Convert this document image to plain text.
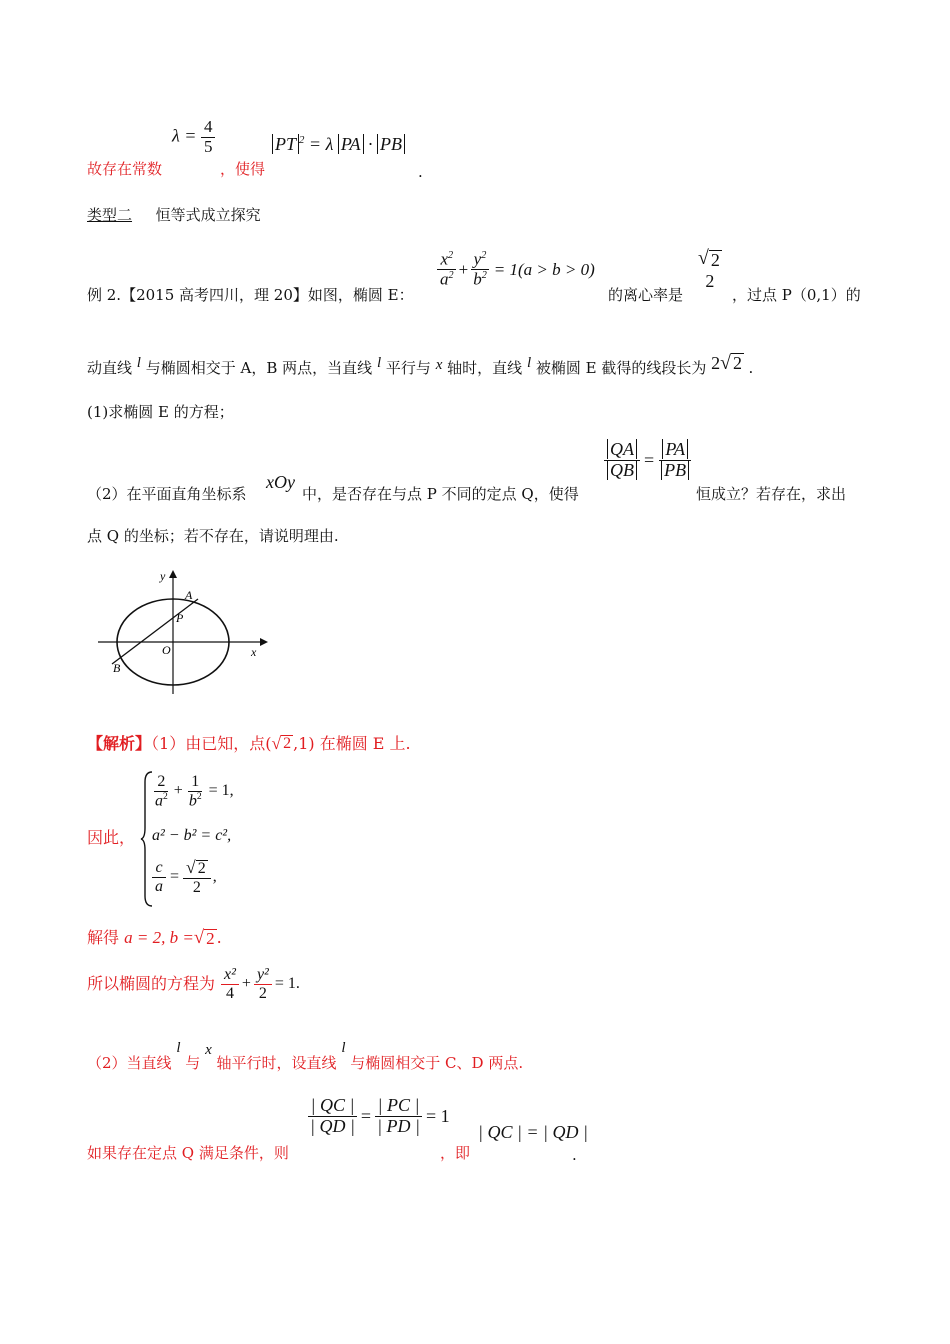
$\lambda = \frac{4}{5}$
故存在常数	，使得
PT $^2$ = λ PA · PB
.
类型二 恒等式成立探究
例 2.【2015 高考四川，理 20】如图，椭圆 E：
$\frac{x^2}{a^2} + \frac{y^2}{b^2} = 1(a > b > 0)$
的离心率是
√ 2
2
，过点 P（0,1）的
动直线 l 与椭圆相交于 A，B 两点，当直线 l 平行与 x 轴时，直线 l 被椭圆 E 截得的线段长为 2 √ 2 .
(1)求椭圆 E 的方程；
（2）在平面直角坐标系
xOy
中，是否存在与点 P 不同的定点 Q，使得
$\frac{QA}{QB} = \frac{PA}{PB}$
恒成立？若存在，求出
点 Q 的坐标；若不存在，请说明理由.
y
x
A
P
O
B
【解析】（1）由已知，点( √ 2 ,1) 在椭圆 E 上.
因此，
$\frac{2}{a^2} + \frac{1}{b^2} = 1$,
a² − b² = c²,
$\frac{c}{a} = \frac{√ 2}{2}$ ,
解得 a = 2, b = √ 2 .
所以椭圆的方程为 $\frac{\text{x²}}{4} + \frac{\text{y²}}{2} = 1$.
（2）当直线 l 与 x 轴平行时，设直线 l 与椭圆相交于 C、D 两点.
如果存在定点 Q 满足条件，则
$\frac{| QC |}{| QD |} = \frac{| PC |}{| PD |} = 1$
，即
| QC | = | QD |
.
